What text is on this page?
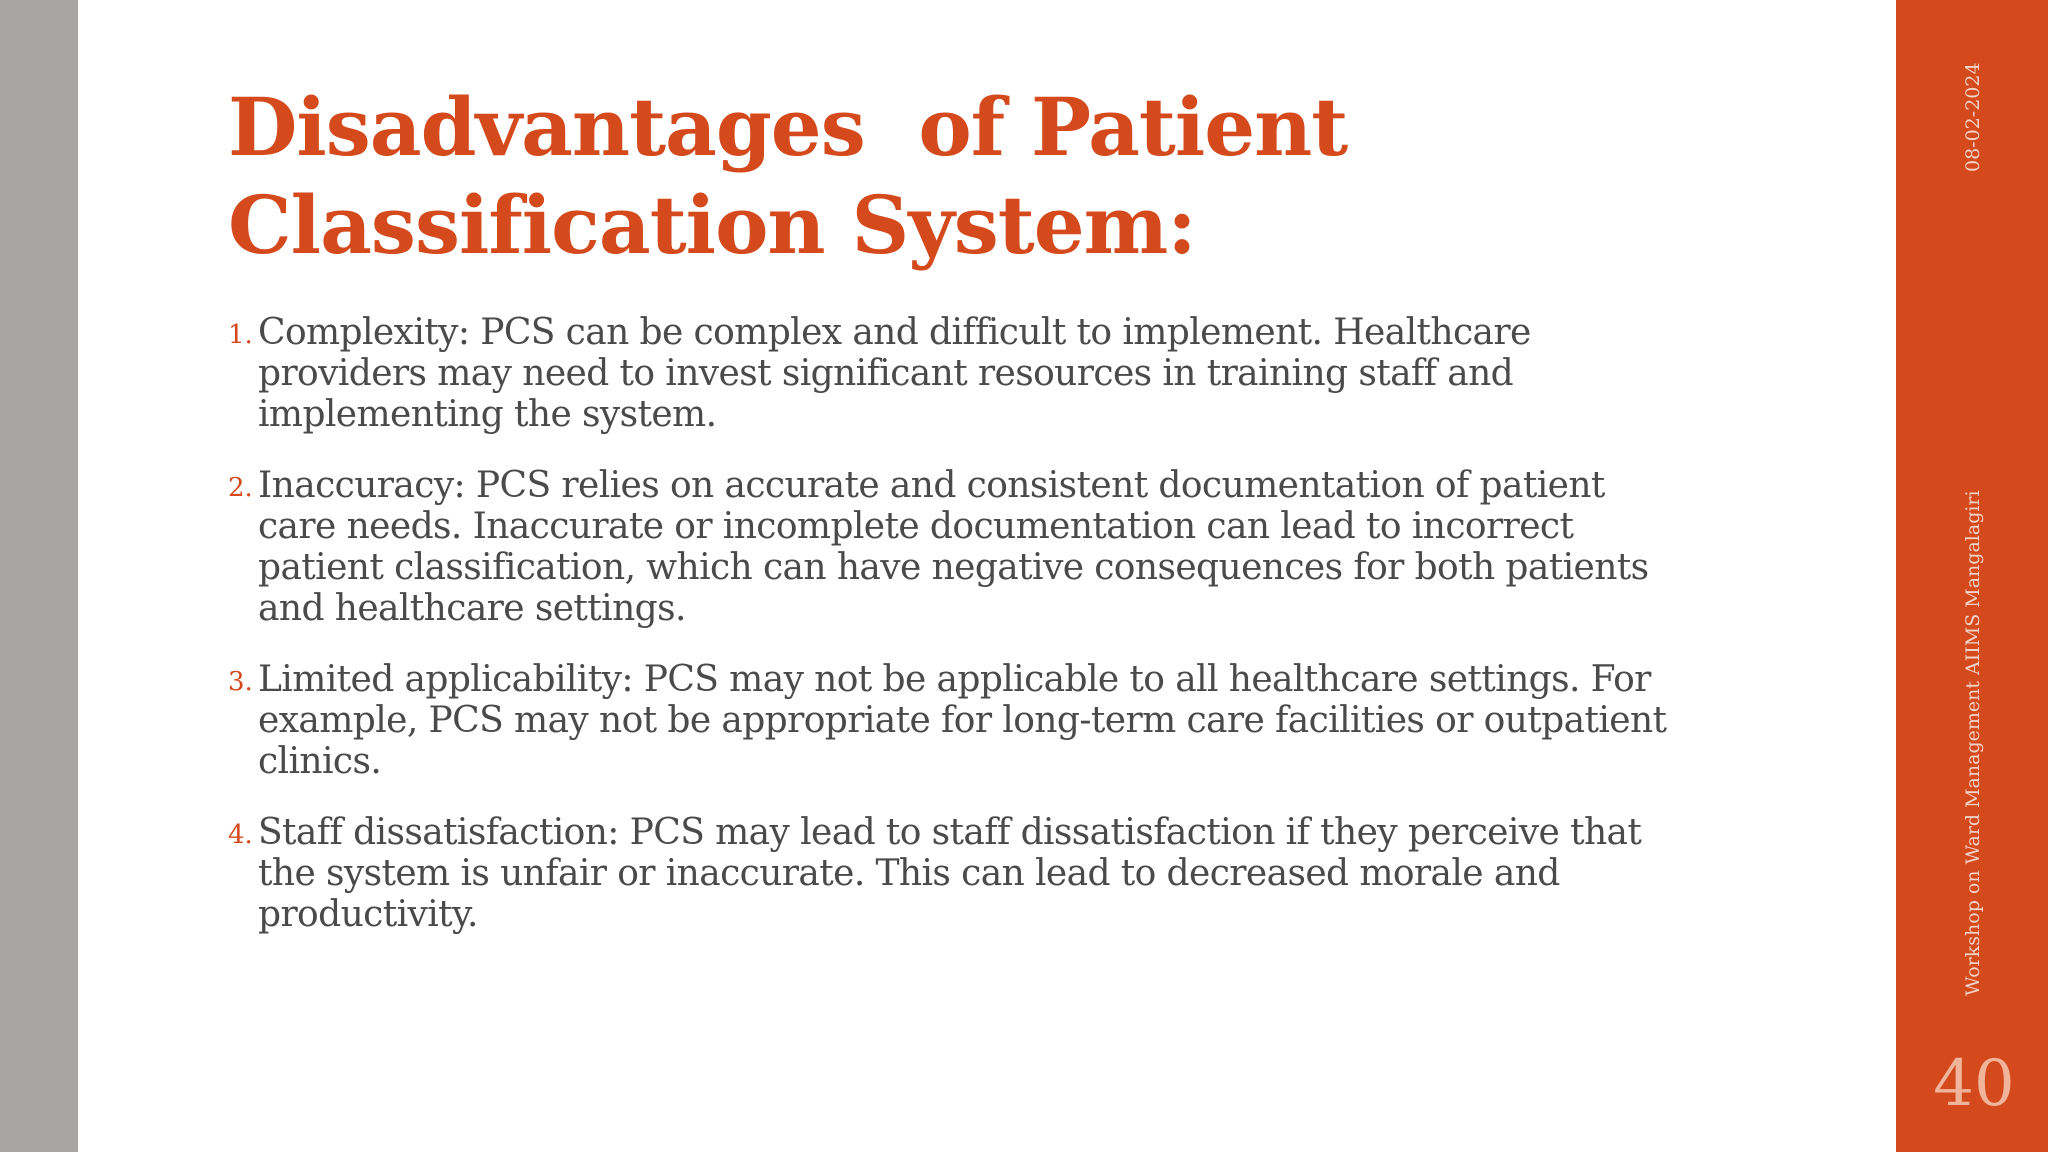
Disadvantages  of Patient
Classification System:
1. Complexity: PCS can be complex and difficult to implement. Healthcare providers may need to invest significant resources in training staff and implementing the system.
2. Inaccuracy: PCS relies on accurate and consistent documentation of patient care needs. Inaccurate or incomplete documentation can lead to incorrect patient classification, which can have negative consequences for both patients and healthcare settings.
3. Limited applicability: PCS may not be applicable to all healthcare settings. For example, PCS may not be appropriate for long-term care facilities or outpatient clinics.
4. Staff dissatisfaction: PCS may lead to staff dissatisfaction if they perceive that the system is unfair or inaccurate. This can lead to decreased morale and productivity.
08-02-2024
Workshop on Ward Management AIIMS Mangalagiri
40
